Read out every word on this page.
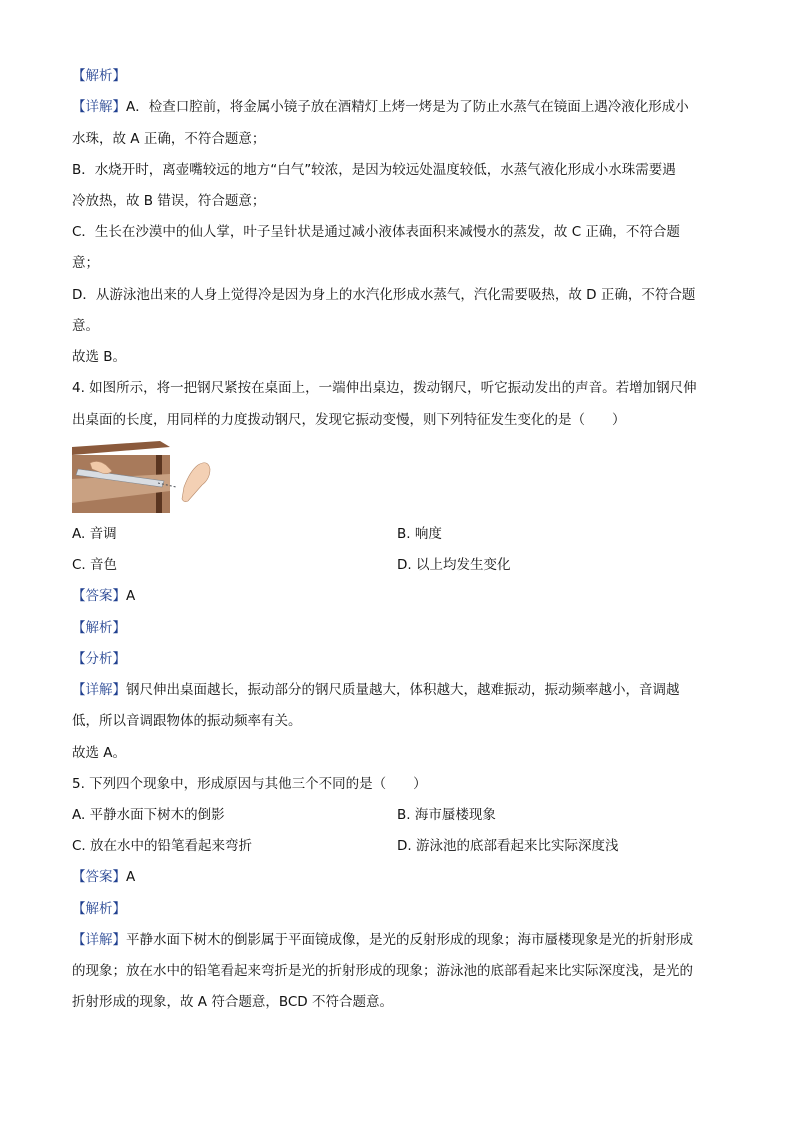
【解析】
【详解】A．检查口腔前，将金属小镜子放在酒精灯上烤一烤是为了防止水蒸气在镜面上遇冷液化形成小
水珠，故 A 正确，不符合题意；
B．水烧开时，离壶嘴较远的地方“白气”较浓，是因为较远处温度较低，水蒸气液化形成小水珠需要遇
冷放热，故 B 错误，符合题意；
C．生长在沙漠中的仙人掌，叶子呈针状是通过减小液体表面积来减慢水的蒸发，故 C 正确，不符合题
意；
D．从游泳池出来的人身上觉得冷是因为身上的水汽化形成水蒸气，汽化需要吸热，故 D 正确，不符合题
意。
故选 B。
4. 如图所示，将一把钢尺紧按在桌面上，一端伸出桌边，拨动钢尺，听它振动发出的声音。若增加钢尺伸
出桌面的长度，用同样的力度拨动钢尺，发现它振动变慢，则下列特征发生变化的是（　　）
A. 音调	B. 响度
C. 音色	D. 以上均发生变化
【答案】A
【解析】
【分析】
【详解】钢尺伸出桌面越长，振动部分的钢尺质量越大，体积越大，越难振动，振动频率越小，音调越
低，所以音调跟物体的振动频率有关。
故选 A。
5. 下列四个现象中，形成原因与其他三个不同的是（　　）
A. 平静水面下树木的倒影	B. 海市蜃楼现象
C. 放在水中的铅笔看起来弯折	D. 游泳池的底部看起来比实际深度浅
【答案】A
【解析】
【详解】平静水面下树木的倒影属于平面镜成像，是光的反射形成的现象；海市蜃楼现象是光的折射形成
的现象；放在水中的铅笔看起来弯折是光的折射形成的现象；游泳池的底部看起来比实际深度浅，是光的
折射形成的现象，故 A 符合题意，BCD 不符合题意。
